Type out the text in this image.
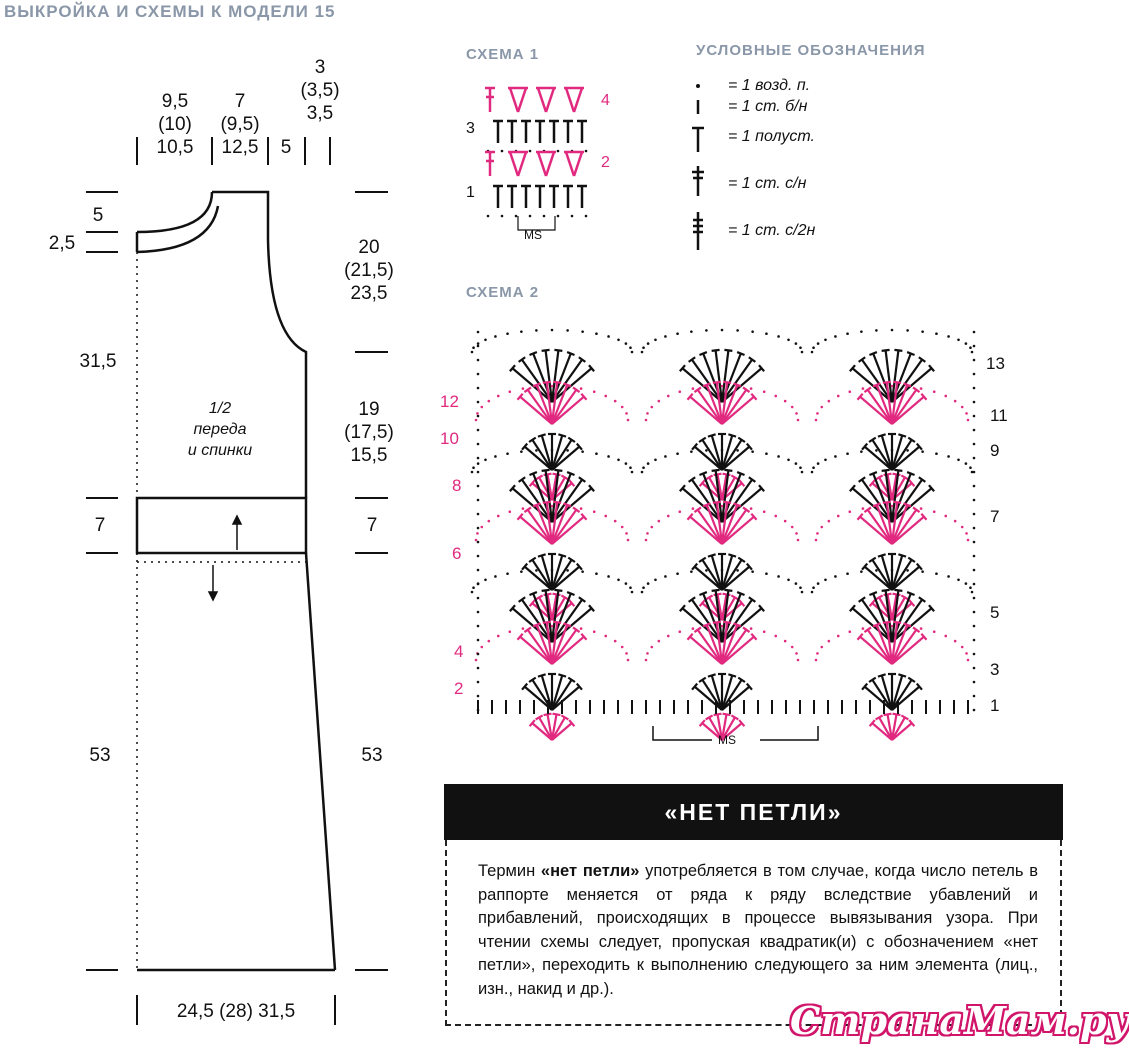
ВЫКРОЙКА И СХЕМЫ К МОДЕЛИ 15
9,5
(10)
10,5
7
(9,5)
12,5	5
3
(3,5)
3,5
5
2,5
31,5
7
53
20
(21,5)
23,5
19
(17,5)
15,5
7
53
1/2
переда
и спинки
24,5 (28) 31,5
СХЕМА 1
3
1
4
2
MS
УСЛОВНЫЕ ОБОЗНАЧЕНИЯ
= 1 возд. п.
= 1 ст. б/н
= 1 полуст.
= 1 ст. с/н
= 1 ст. с/2н
СХЕМА 2
13
11
9
7
5
3
1
12
10
8
6
4
2
MS
«НЕТ ПЕТЛИ»
Термин «нет петли» употребляется в том случае, когда число петель в раппорте меняется от ряда к ряду вследствие убавлений и прибавлений, происходящих в процессе вывязывания узора. При чтении схемы следует, пропуская квадратик(и) с обозначением «нет петли», переходить к выполнению следующего за ним элемента (лиц., изн., накид и др.).
СтранаМам.ру
